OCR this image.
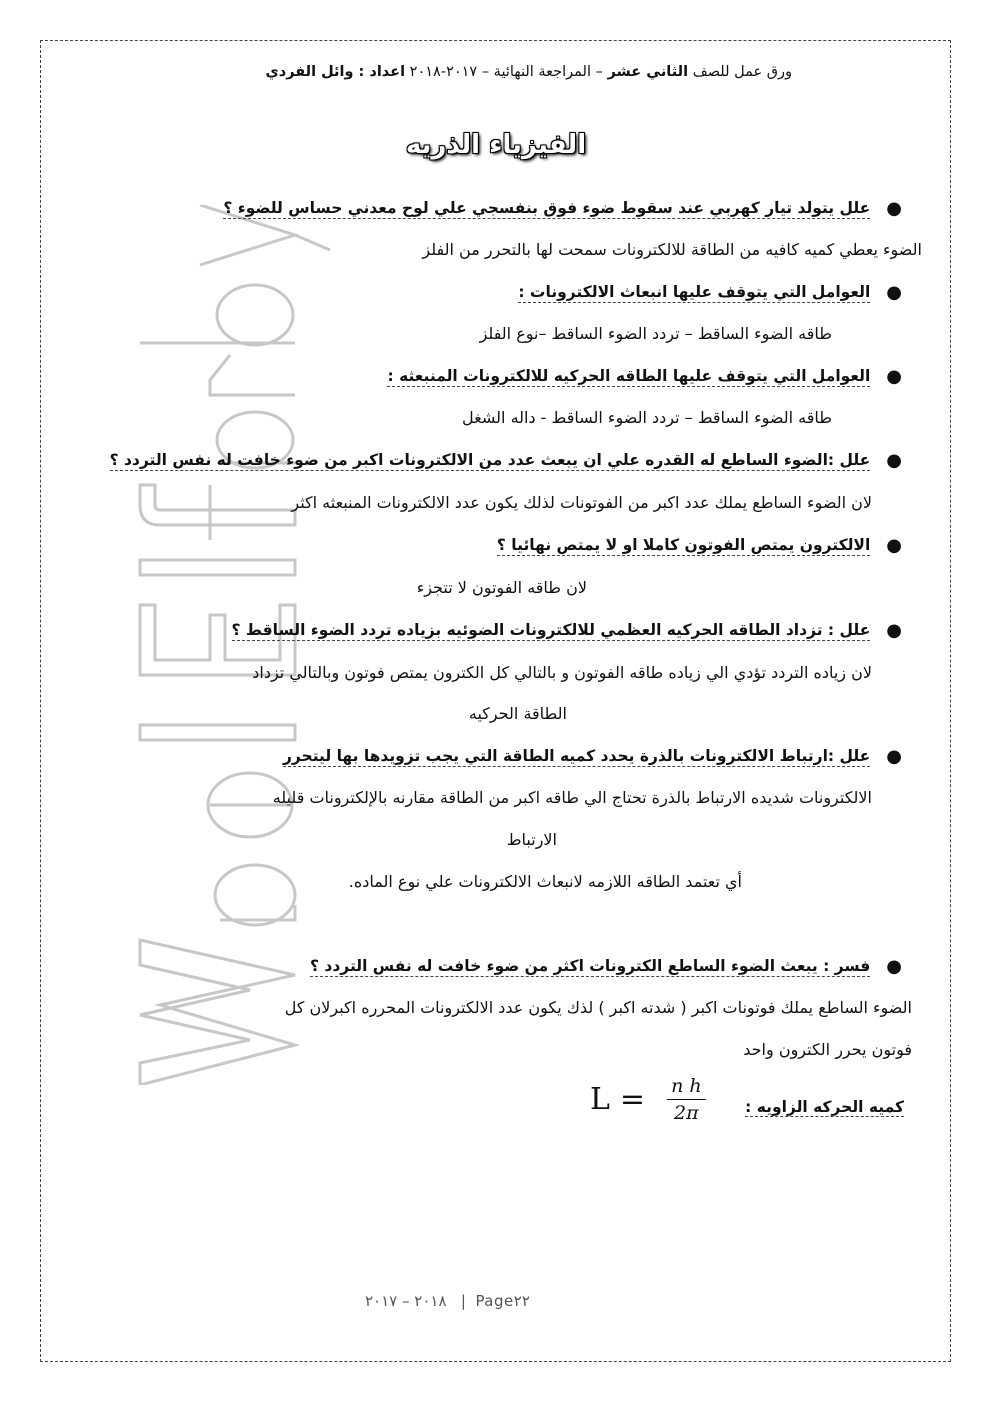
ورق عمل للصف الثاني عشر – المراجعة النهائية – ٢٠١٧-٢٠١٨ اعداد : وائل الفردي
الفيزياء الذريه
●
علل يتولد تيار كهربي عند سقوط ضوء فوق بنفسجي علي لوح معدني حساس للضوء ؟
الضوء يعطي كميه كافيه من الطاقة للالكترونات سمحت لها بالتحرر من الفلز
●
العوامل التي يتوقف عليها انبعاث الالكترونات :
طاقه الضوء الساقط – تردد الضوء الساقط –نوع الفلز
●
العوامل التي يتوقف عليها الطاقه الحركيه للالكترونات المنبعثه :
طاقه الضوء الساقط – تردد الضوء الساقط - داله الشغل
●
علل :الضوء الساطع له القدره علي ان يبعث عدد من الالكترونات اكبر من ضوء خافت له نفس التردد ؟
لان الضوء الساطع يملك عدد اكبر من الفوتونات لذلك يكون عدد الالكترونات المنبعثه اكثر
●
الالكترون يمتص الفوتون كاملا او لا يمتص نهائيا ؟
لان طاقه الفوتون لا تتجزء
●
علل : تزداد الطاقه الحركيه العظمي للالكترونات الضوئيه بزياده تردد الضوء الساقط ؟
لان زياده التردد تؤدي الي زياده طاقه الفوتون و بالتالي كل الكترون يمتص فوتون وبالتالي تزداد
الطاقة الحركيه
●
علل :ارتباط الالكترونات بالذرة يحدد كميه الطاقة التي يجب تزويدها بها ليتحرر
الالكترونات شديده الارتباط بالذرة تحتاج الي طاقه اكبر من الطاقة مقارنه بالإلكترونات قليله
الارتباط
أي تعتمد الطاقه اللازمه لانبعاث الالكترونات علي نوع الماده.
●
فسر : يبعث الضوء الساطع الكترونات اكثر من ضوء خافت له نفس التردد ؟
الضوء الساطع يملك فوتونات اكبر ( شدته اكبر ) لذك يكون عدد الالكترونات المحرره اكبرلان كل
فوتون يحرر الكترون واحد
كميه الحركه الزاويه :
$L = \frac{\text{n h}}{2\pi}$
٢٠١٨ – ٢٠١٧ | Page٢٢
